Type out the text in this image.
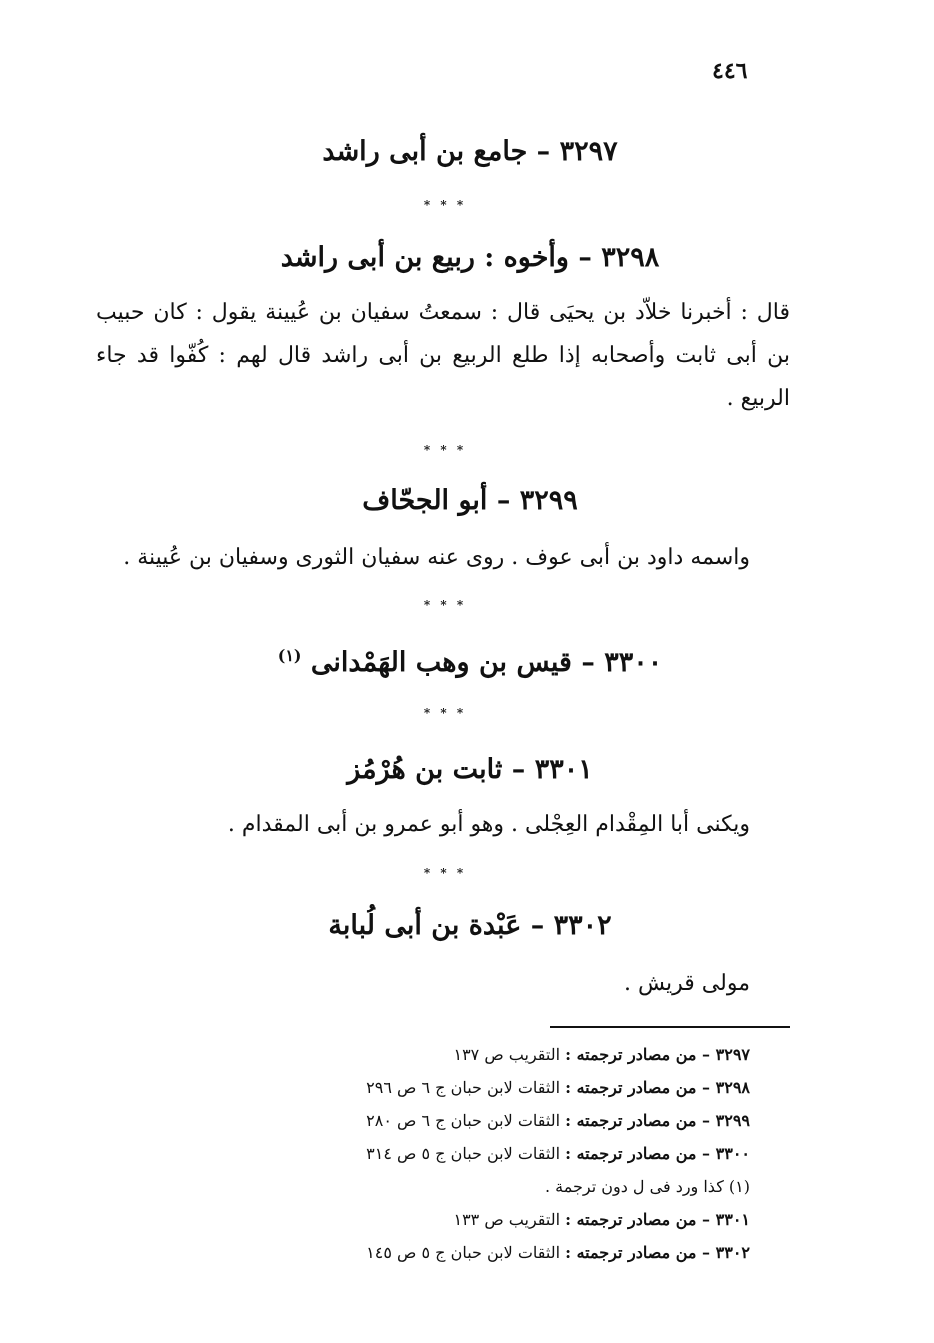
٤٤٦
٣٢٩٧ – جامع بن أبى راشد
* * *
٣٢٩٨ – وأخوه : ربيع بن أبى راشد
قال : أخبرنا خلاّد بن يحيَى قال : سمعتُ سفيان بن عُيينة يقول : كان حبيب بن أبى ثابت وأصحابه إذا طلع الربيع بن أبى راشد قال لهم : كُفّوا قد جاء الربيع .
* * *
٣٢٩٩ – أبو الجحّاف
واسمه داود بن أبى عوف . روى عنه سفيان الثورى وسفيان بن عُيينة .
* * *
٣٣٠٠ – قيس بن وهب الهَمْدانى $^{(١)}$
* * *
٣٣٠١ – ثابت بن هُرْمُز
ويكنى أبا المِقْدام العِجْلى . وهو أبو عمرو بن أبى المقدام .
* * *
٣٣٠٢ – عَبْدة بن أبى لُبابة
مولى قريش .
٣٢٩٧ – من مصادر ترجمته : التقريب ص ١٣٧
٣٢٩٨ – من مصادر ترجمته : الثقات لابن حبان ج ٦ ص ٢٩٦
٣٢٩٩ – من مصادر ترجمته : الثقات لابن حبان ج ٦ ص ٢٨٠
٣٣٠٠ – من مصادر ترجمته : الثقات لابن حبان ج ٥ ص ٣١٤
(١) كذا ورد فى ل دون ترجمة .
٣٣٠١ – من مصادر ترجمته : التقريب ص ١٣٣
٣٣٠٢ – من مصادر ترجمته : الثقات لابن حبان ج ٥ ص ١٤٥
